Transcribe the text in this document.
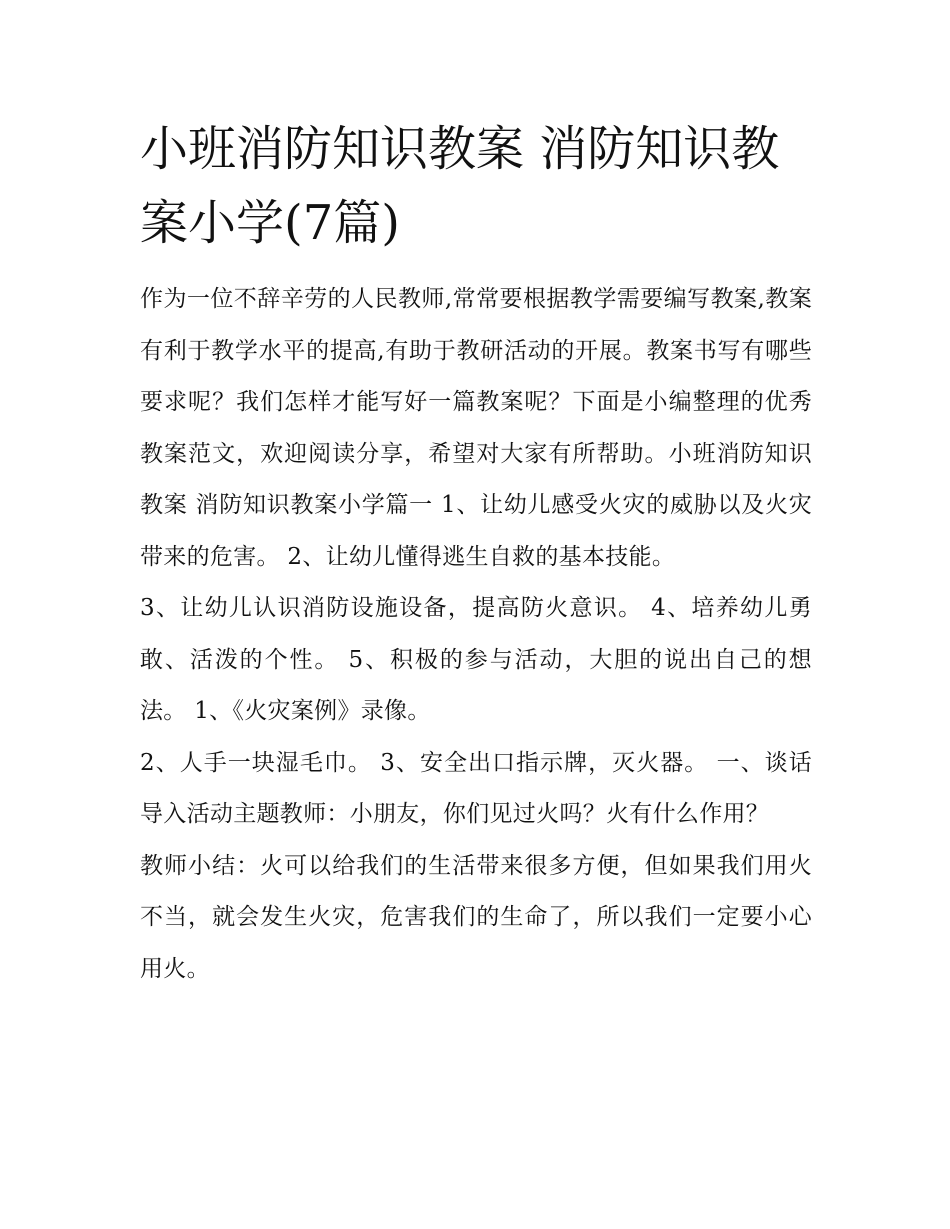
小班消防知识教案 消防知识教案小学(7篇)

作为一位不辞辛劳的人民教师,常常要根据教学需要编写教案,教案有利于教学水平的提高,有助于教研活动的开展。教案书写有哪些要求呢？我们怎样才能写好一篇教案呢？下面是小编整理的优秀教案范文，欢迎阅读分享，希望对大家有所帮助。小班消防知识教案 消防知识教案小学篇一 1、让幼儿感受火灾的威胁以及火灾带来的危害。 2、让幼儿懂得逃生自救的基本技能。

3、让幼儿认识消防设施设备，提高防火意识。 4、培养幼儿勇敢、活泼的个性。 5、积极的参与活动，大胆的说出自己的想法。 1、《火灾案例》录像。

2、人手一块湿毛巾。 3、安全出口指示牌，灭火器。 一、谈话导入活动主题教师：小朋友，你们见过火吗？火有什么作用？

教师小结：火可以给我们的生活带来很多方便，但如果我们用火不当，就会发生火灾，危害我们的生命了，所以我们一定要小心用火。
